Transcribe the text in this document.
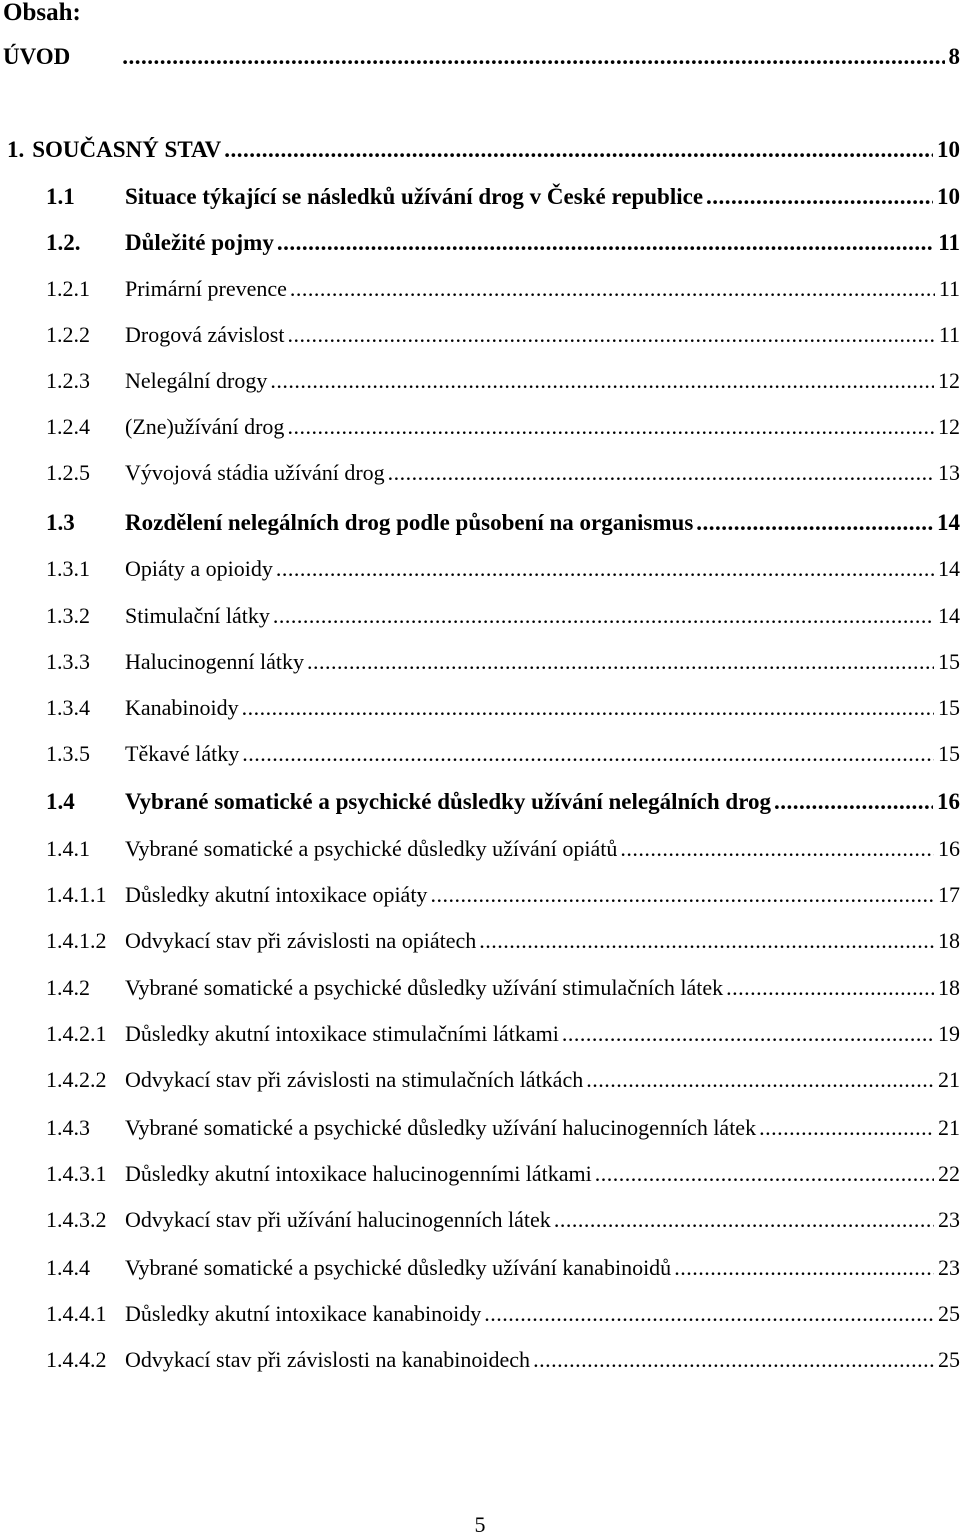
Obsah:
ÚVOD .....	8
1. SOUČASNÝ STAV .....	10
1.1 Situace týkající se následků užívání drog v České republice .....	10
1.2. Důležité pojmy .....	11
1.2.1 Primární prevence .....	11
1.2.2 Drogová závislost .....	11
1.2.3 Nelegální drogy .....	12
1.2.4 (Zne)užívání drog .....	12
1.2.5 Vývojová stádia užívání drog .....	13
1.3 Rozdělení nelegálních drog podle působení na organismus .....	14
1.3.1 Opiáty a opioidy .....	14
1.3.2 Stimulační látky .....	14
1.3.3 Halucinogenní látky .....	15
1.3.4 Kanabinoidy .....	15
1.3.5 Těkavé látky .....	15
1.4 Vybrané somatické a psychické důsledky užívání nelegálních drog .....	16
1.4.1 Vybrané somatické a psychické důsledky užívání opiátů .....	16
1.4.1.1 Důsledky akutní intoxikace opiáty .....	17
1.4.1.2 Odvykací stav při závislosti na opiátech .....	18
1.4.2 Vybrané somatické a psychické důsledky užívání stimulačních látek .....	18
1.4.2.1 Důsledky akutní intoxikace stimulačními látkami .....	19
1.4.2.2 Odvykací stav při závislosti na stimulačních látkách .....	21
1.4.3 Vybrané somatické a psychické důsledky užívání halucinogenních látek .....	21
1.4.3.1 Důsledky akutní intoxikace halucinogenními látkami .....	22
1.4.3.2 Odvykací stav při užívání halucinogenních látek .....	23
1.4.4 Vybrané somatické a psychické důsledky užívání kanabinoidů .....	23
1.4.4.1 Důsledky akutní intoxikace kanabinoidy .....	25
1.4.4.2 Odvykací stav při závislosti na kanabinoidech .....	25
5
